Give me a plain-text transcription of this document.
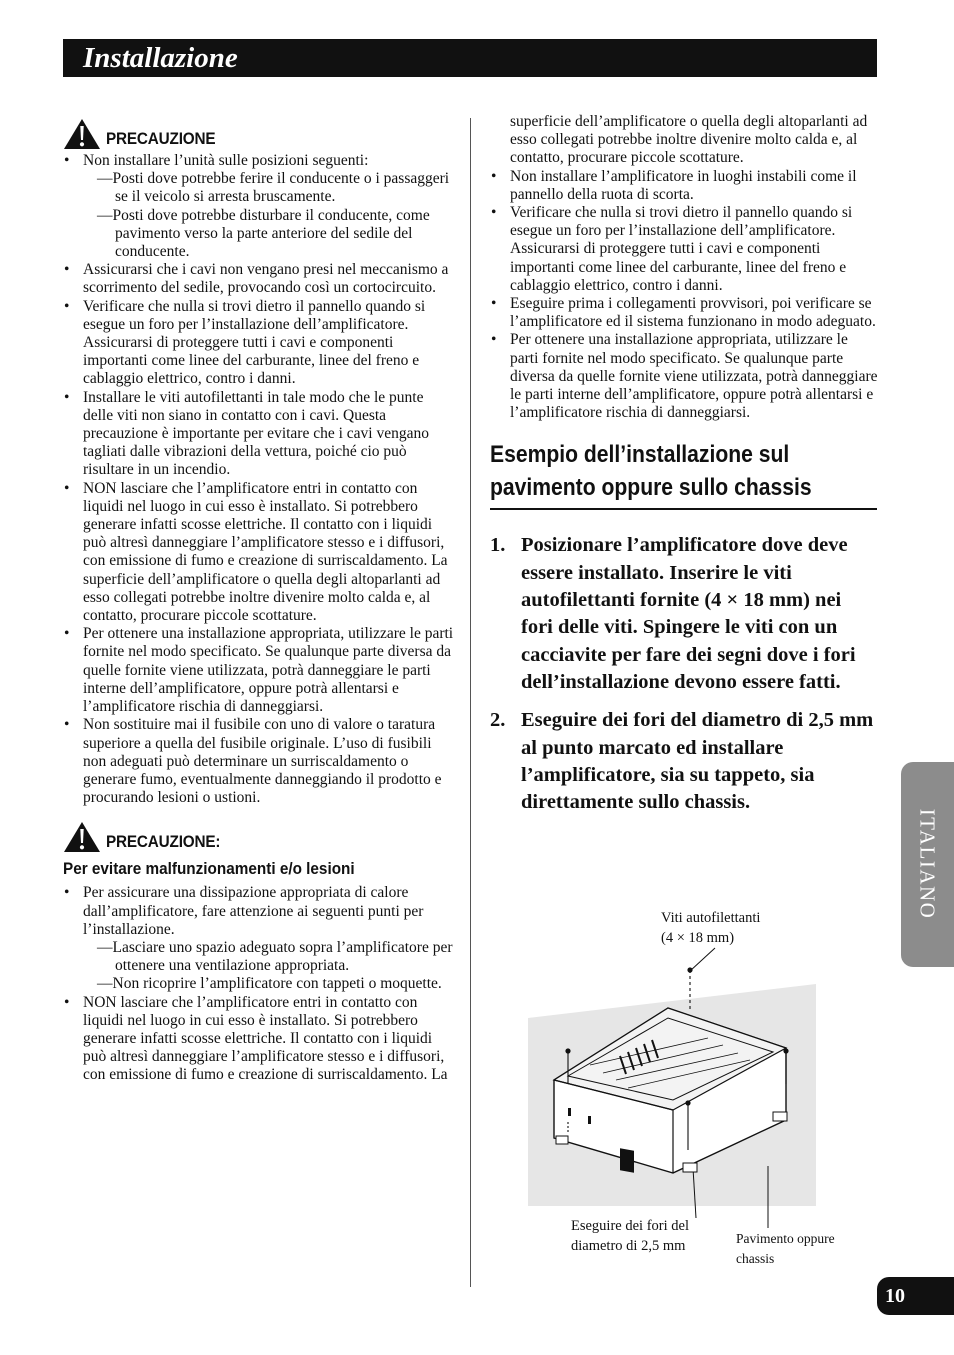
Installazione
PRECAUZIONE
• Non installare l’unità sulle posizioni seguenti:
—Posti dove potrebbe ferire il conducente o i passaggeri se il veicolo si arresta bruscamente.
—Posti dove potrebbe disturbare il conducente, come pavimento verso la parte anteriore del sedile del conducente.
• Assicurarsi che i cavi non vengano presi nel meccanismo a scorrimento del sedile, provocando così un cortocircuito.
• Verificare che nulla si trovi dietro il pannello quando si esegue un foro per l’installazione dell’amplificatore. Assicurarsi di proteggere tutti i cavi e componenti importanti come linee del carburante, linee del freno e cablaggio elettrico, contro i danni.
• Installare le viti autofilettanti in tale modo che le punte delle viti non siano in contatto con i cavi. Questa precauzione è importante per evitare che i cavi vengano tagliati dalle vibrazioni della vettura, poiché cio può risultare in un incendio.
• NON lasciare che l’amplificatore entri in contatto con liquidi nel luogo in cui esso è installato. Si potrebbero generare infatti scosse elettriche. Il contatto con i liquidi può altresì danneggiare l’amplificatore stesso e i diffusori, con emissione di fumo e creazione di surriscaldamento. La superficie dell’amplificatore o quella degli altoparlanti ad esso collegati potrebbe inoltre divenire molto calda e, al contatto, procurare piccole scottature.
• Per ottenere una installazione appropriata, utilizzare le parti fornite nel modo specificato. Se qualunque parte diversa da quelle fornite viene utilizzata, potrà danneggiare le parti interne dell’amplificatore, oppure potrà allentarsi e l’amplificatore rischia di danneggiarsi.
• Non sostituire mai il fusibile con uno di valore o taratura superiore a quella del fusibile originale. L’uso di fusibili non adeguati può determinare un surriscaldamento o generare fumo, eventualmente danneggiando il prodotto e procurando lesioni o ustioni.
PRECAUZIONE:
Per evitare malfunzionamenti e/o lesioni
• Per assicurare una dissipazione appropriata di calore dall’amplificatore, fare attenzione ai seguenti punti per l’installazione.
—Lasciare uno spazio adeguato sopra l’amplificatore per ottenere una ventilazione appropriata.
—Non ricoprire l’amplificatore con tappeti o moquette.
• NON lasciare che l’amplificatore entri in contatto con liquidi nel luogo in cui esso è installato. Si potrebbero generare infatti scosse elettriche. Il contatto con i liquidi può altresì danneggiare l’amplificatore stesso e i diffusori, con emissione di fumo e creazione di surriscaldamento. La
superficie dell’amplificatore o quella degli altoparlanti ad esso collegati potrebbe inoltre divenire molto calda e, al contatto, procurare piccole scottature.
• Non installare l’amplificatore in luoghi instabili come il pannello della ruota di scorta.
• Verificare che nulla si trovi dietro il pannello quando si esegue un foro per l’installazione dell’amplificatore. Assicurarsi di proteggere tutti i cavi e componenti importanti come linee del carburante, linee del freno e cablaggio elettrico, contro i danni.
• Eseguire prima i collegamenti provvisori, poi verificare se l’amplificatore ed il sistema funzionano in modo adeguato.
• Per ottenere una installazione appropriata, utilizzare le parti fornite nel modo specificato. Se qualunque parte diversa da quelle fornite viene utilizzata, potrà danneggiare le parti interne dell’amplificatore, oppure potrà allentarsi e l’amplificatore rischia di danneggiarsi.
Esempio dell’installazione sul
pavimento oppure sullo chassis
1. Posizionare l’amplificatore dove deve essere installato. Inserire le viti autofilettanti fornite (4 × 18 mm) nei fori delle viti. Spingere le viti con un cacciavite per fare dei segni dove i fori dell’installazione devono essere fatti.
2. Eseguire dei fori del diametro di 2,5 mm al punto marcato ed installare l’amplificatore, sia su tappeto, sia direttamente sullo chassis.
Viti autofilettanti
(4 × 18 mm)
Eseguire dei fori del
diametro di 2,5 mm	Pavimento oppure
chassis
ITALIANO
10
